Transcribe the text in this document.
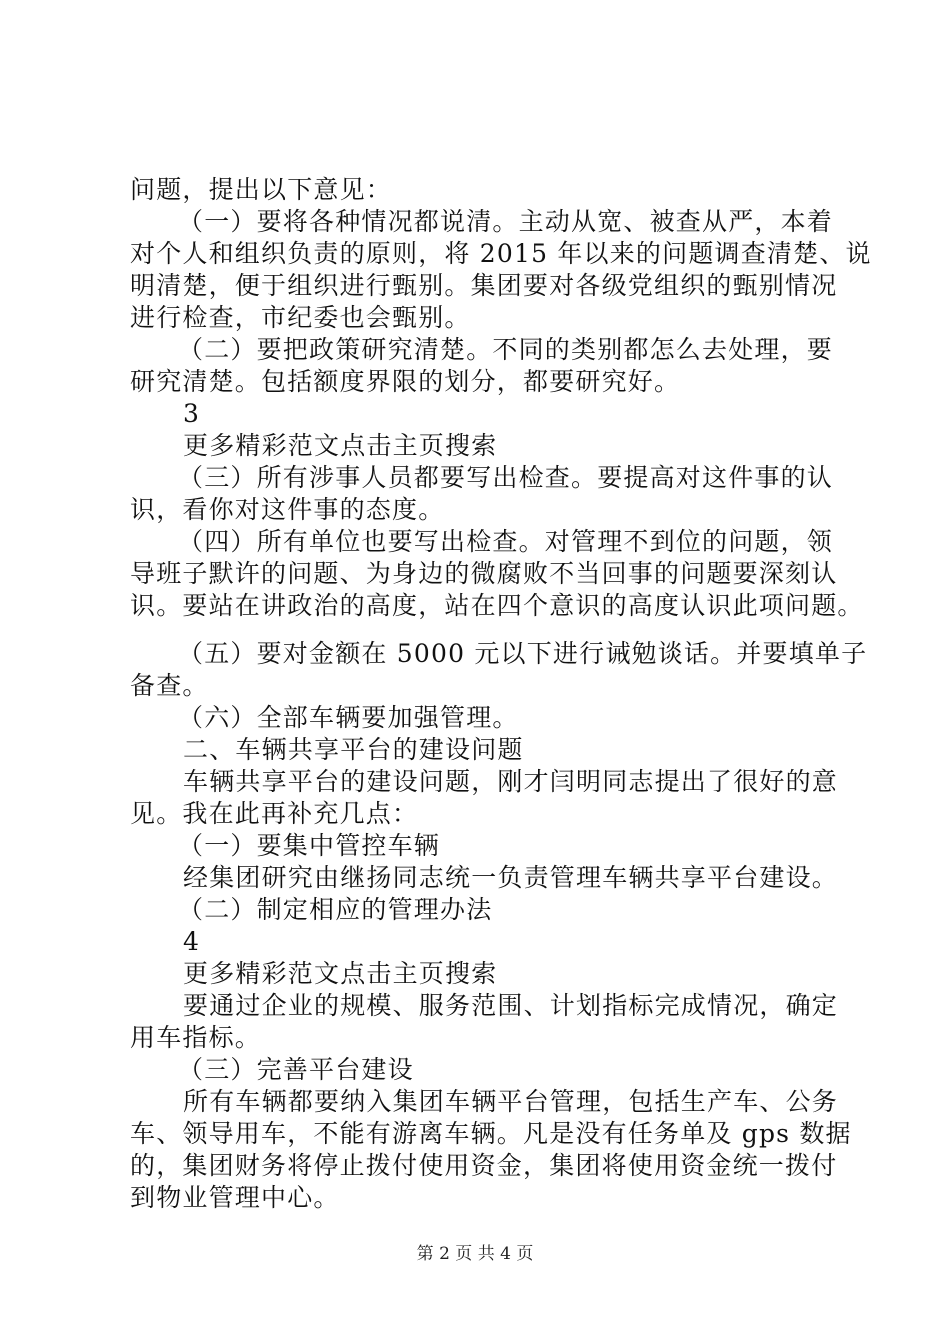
问题，提出以下意见：
（一）要将各种情况都说清。主动从宽、被查从严，本着
对个人和组织负责的原则，将 2015 年以来的问题调查清楚、说
明清楚，便于组织进行甄别。集团要对各级党组织的甄别情况
进行检查，市纪委也会甄别。
（二）要把政策研究清楚。不同的类别都怎么去处理，要
研究清楚。包括额度界限的划分，都要研究好。
3
更多精彩范文点击主页搜索
（三）所有涉事人员都要写出检查。要提高对这件事的认
识，看你对这件事的态度。
（四）所有单位也要写出检查。对管理不到位的问题，领
导班子默许的问题、为身边的微腐败不当回事的问题要深刻认
识。要站在讲政治的高度，站在四个意识的高度认识此项问题。
（五）要对金额在 5000 元以下进行诫勉谈话。并要填单子
备查。
（六）全部车辆要加强管理。
二、车辆共享平台的建设问题
车辆共享平台的建设问题，刚才闫明同志提出了很好的意
见。我在此再补充几点：
（一）要集中管控车辆
经集团研究由继扬同志统一负责管理车辆共享平台建设。
（二）制定相应的管理办法
4
更多精彩范文点击主页搜索
要通过企业的规模、服务范围、计划指标完成情况，确定
用车指标。
（三）完善平台建设
所有车辆都要纳入集团车辆平台管理，包括生产车、公务
车、领导用车，不能有游离车辆。凡是没有任务单及 gps 数据
的，集团财务将停止拨付使用资金，集团将使用资金统一拨付
到物业管理中心。
第 2 页 共 4 页
